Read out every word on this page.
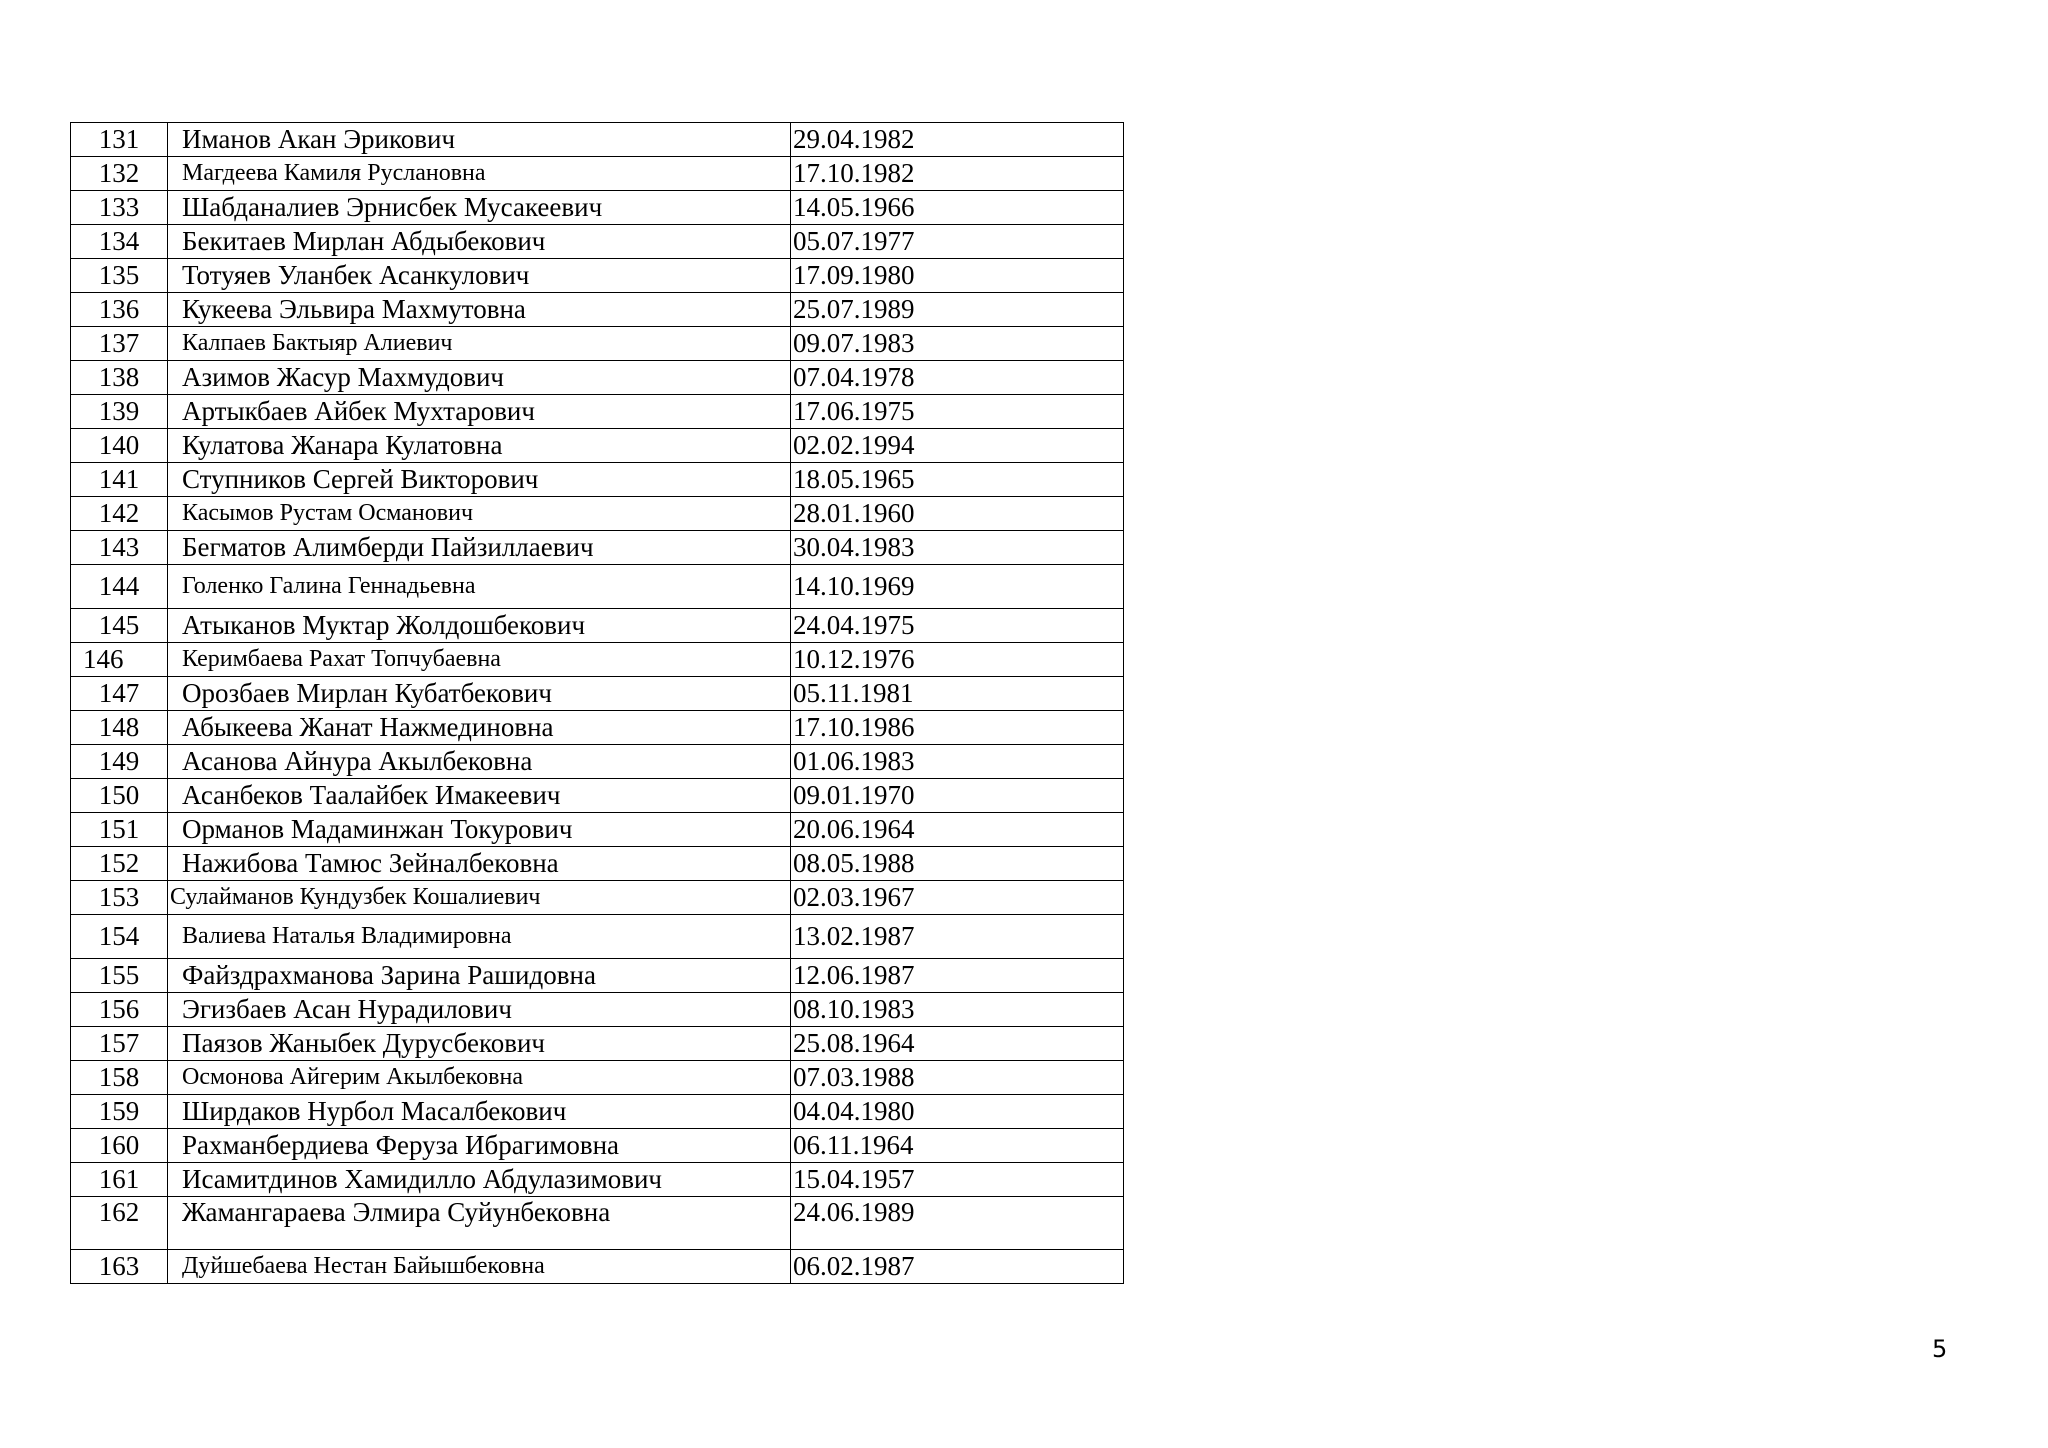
131	Иманов Акан Эрикович	29.04.1982
132	Магдеева Камиля Руслановна	17.10.1982
133	Шабданалиев Эрнисбек Мусакеевич	14.05.1966
134	Бекитаев Мирлан Абдыбекович	05.07.1977
135	Тотуяев Уланбек Асанкулович	17.09.1980
136	Кукеева Эльвира Махмутовна	25.07.1989
137	Калпаев Бактыяр Алиевич	09.07.1983
138	Азимов Жасур Махмудович	07.04.1978
139	Артыкбаев Айбек Мухтарович	17.06.1975
140	Кулатова Жанара Кулатовна	02.02.1994
141	Ступников Сергей Викторович	18.05.1965
142	Касымов Рустам Османович	28.01.1960
143	Бегматов Алимберди Пайзиллаевич	30.04.1983
144	Голенко Галина Геннадьевна	14.10.1969
145	Атыканов Муктар Жолдошбекович	24.04.1975
146	Керимбаева Рахат Топчубаевна	10.12.1976
147	Орозбаев Мирлан Кубатбекович	05.11.1981
148	Абыкеева Жанат Нажмединовна	17.10.1986
149	Асанова Айнура Акылбековна	01.06.1983
150	Асанбеков Таалайбек Имакеевич	09.01.1970
151	Орманов Мадаминжан Токурович	20.06.1964
152	Нажибова Тамюс Зейналбековна	08.05.1988
153	Сулайманов Кундузбек Кошалиевич	02.03.1967
154	Валиева Наталья Владимировна	13.02.1987
155	Файздрахманова Зарина Рашидовна	12.06.1987
156	Эгизбаев Асан Нурадилович	08.10.1983
157	Паязов Жаныбек Дурусбекович	25.08.1964
158	Осмонова Айгерим Акылбековна	07.03.1988
159	Ширдаков Нурбол Масалбекович	04.04.1980
160	Рахманбердиева Феруза Ибрагимовна	06.11.1964
161	Исамитдинов Хамидилло Абдулазимович	15.04.1957
162	Жамангараева Элмира Суйунбековна	24.06.1989
163	Дуйшебаева Нестан Байышбековна	06.02.1987
5
